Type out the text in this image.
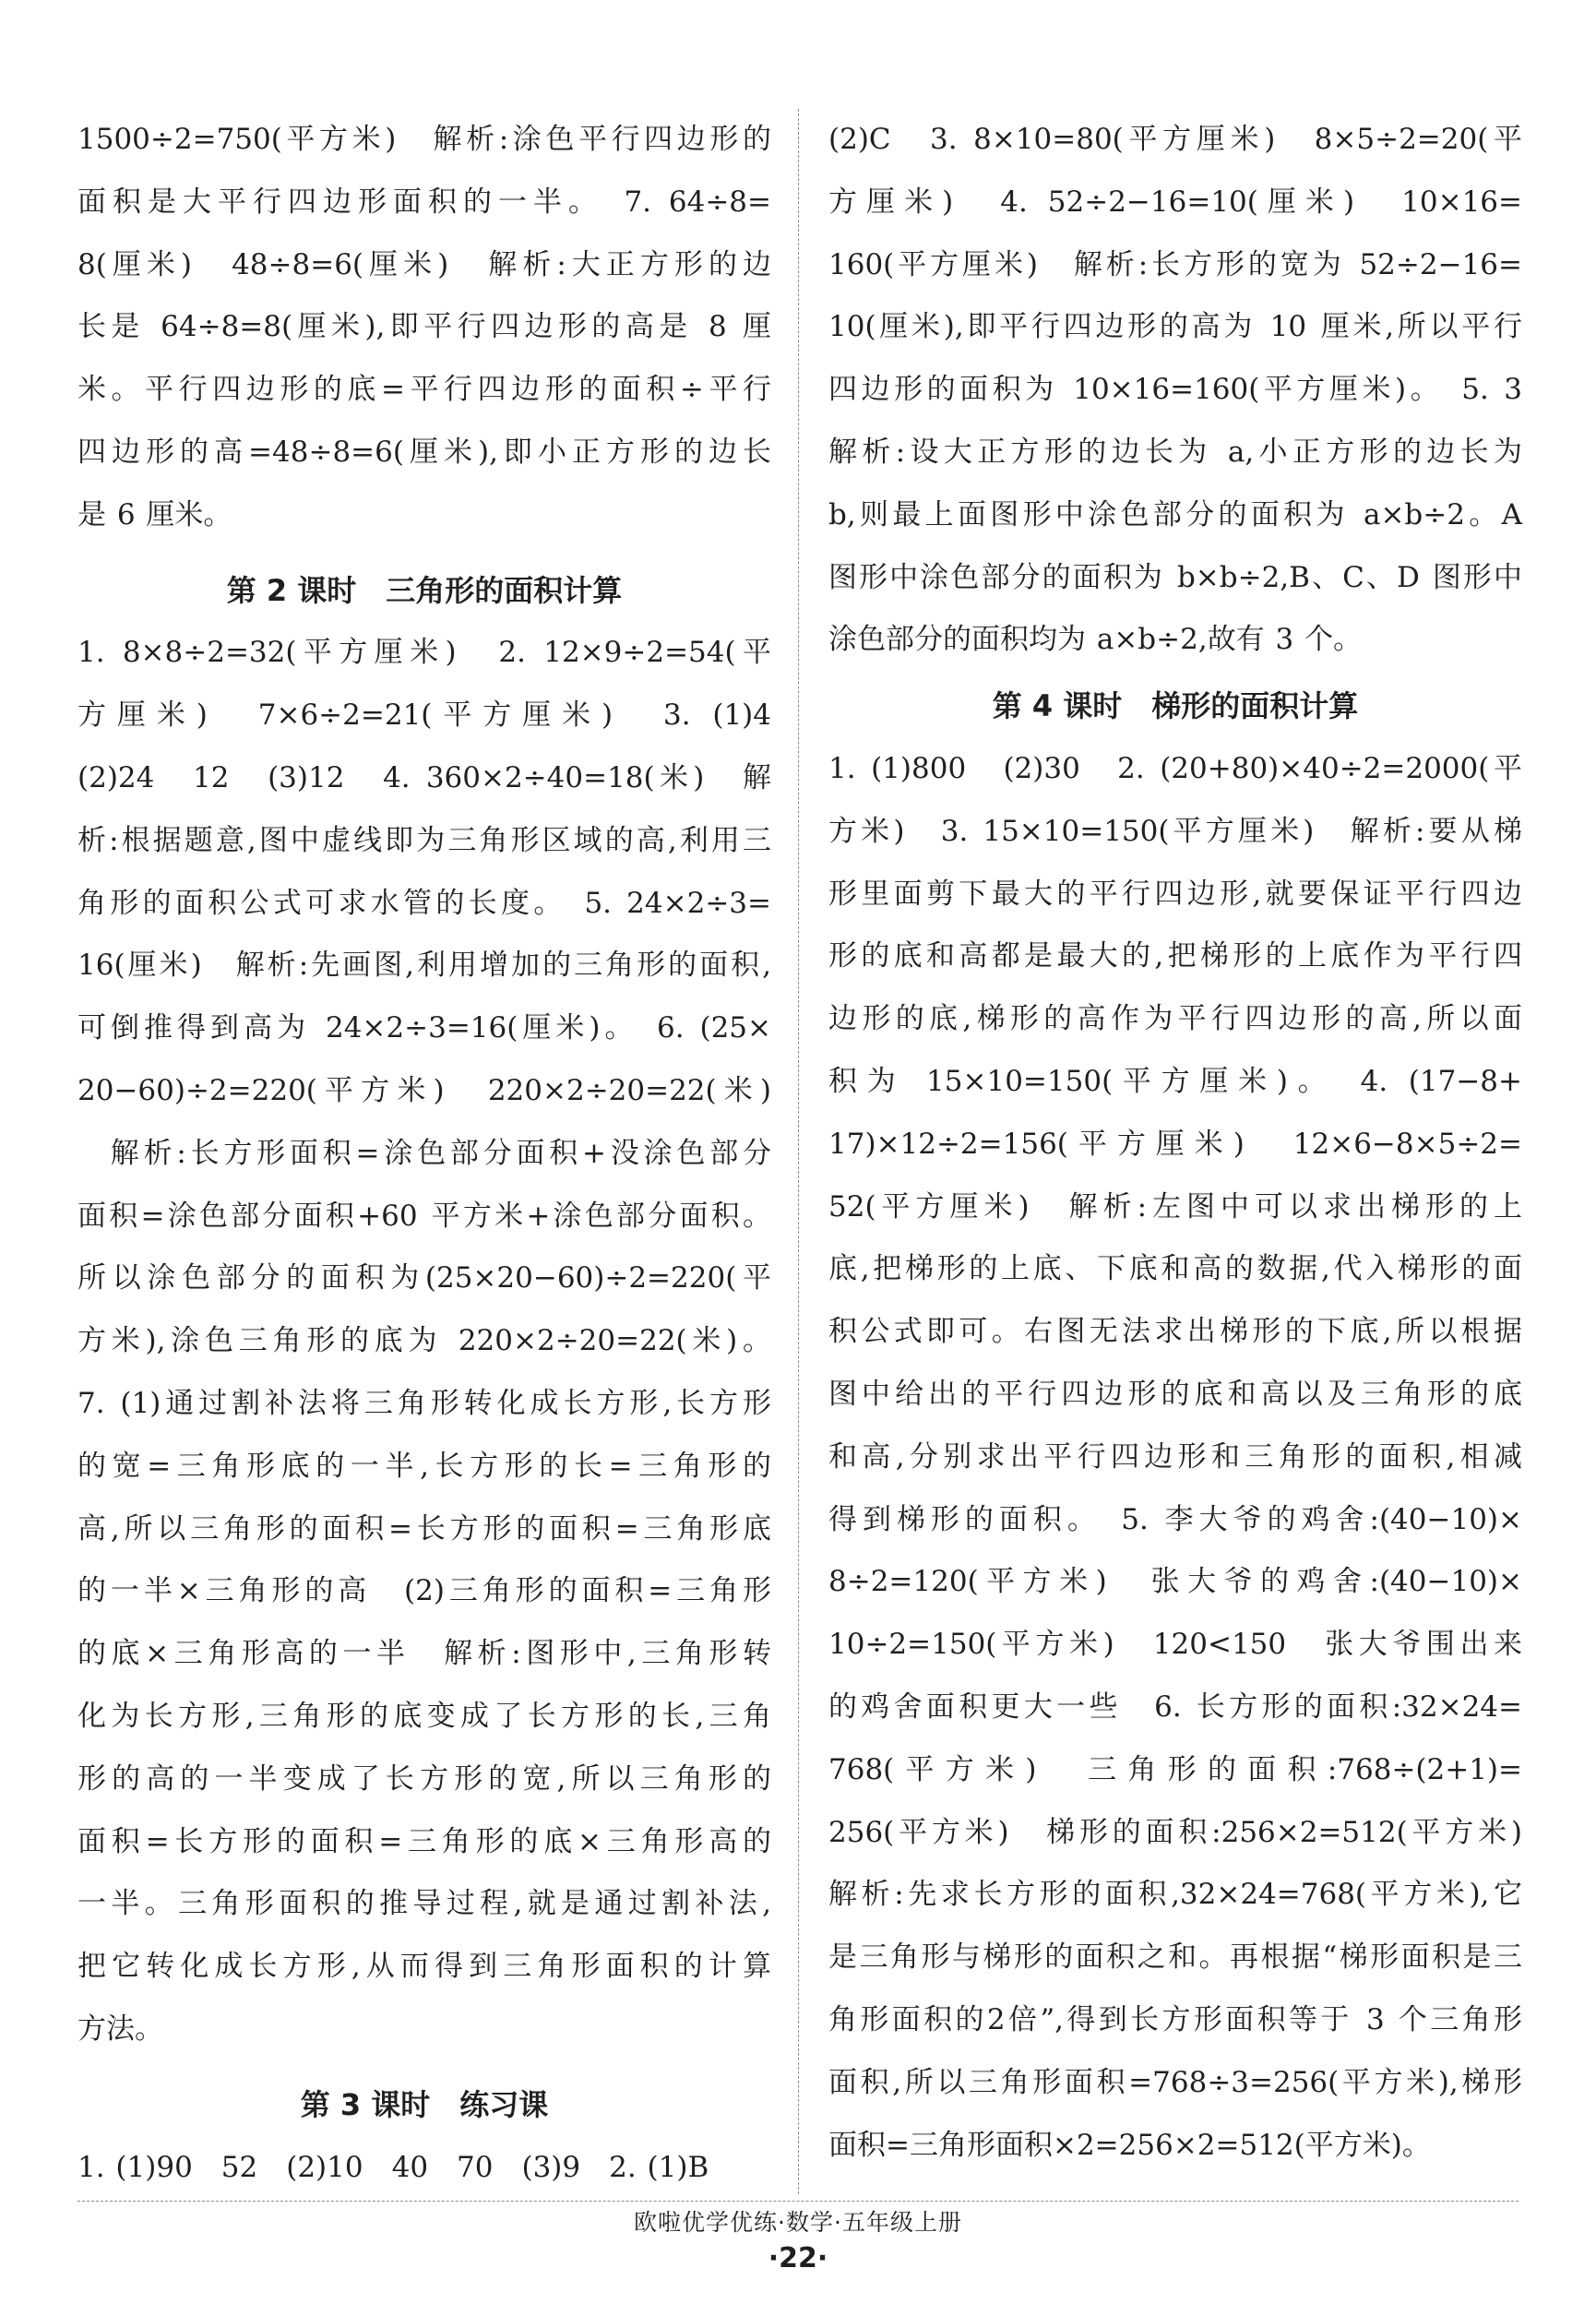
1500÷2=750(平方米)　解析:涂色平行四边形的

面积是大平行四边形面积的一半。　7. 64÷8=

8(厘米)　48÷8=6(厘米)　解析:大正方形的边

长是 64÷8=8(厘米),即平行四边形的高是 8 厘

米。平行四边形的底=平行四边形的面积÷平行

四边形的高=48÷8=6(厘米),即小正方形的边长

是 6 厘米。

第 2 课时　三角形的面积计算

1. 8×8÷2=32(平方厘米)　2. 12×9÷2=54(平

方厘米)　7×6÷2=21(平方厘米)　3. (1)4

(2)24　12　(3)12　4. 360×2÷40=18(米)　解

析:根据题意,图中虚线即为三角形区域的高,利用三

角形的面积公式可求水管的长度。　5. 24×2÷3=

16(厘米)　解析:先画图,利用增加的三角形的面积,

可倒推得到高为 24×2÷3=16(厘米)。　6. (25×

20−60)÷2=220(平方米)　220×2÷20=22(米)

　解析:长方形面积=涂色部分面积+没涂色部分

面积=涂色部分面积+60 平方米+涂色部分面积。

所以涂色部分的面积为(25×20−60)÷2=220(平

方米),涂色三角形的底为 220×2÷20=22(米)。

7. (1)通过割补法将三角形转化成长方形,长方形

的宽=三角形底的一半,长方形的长=三角形的

高,所以三角形的面积=长方形的面积=三角形底

的一半×三角形的高　(2)三角形的面积=三角形

的底×三角形高的一半　解析:图形中,三角形转

化为长方形,三角形的底变成了长方形的长,三角

形的高的一半变成了长方形的宽,所以三角形的

面积=长方形的面积=三角形的底×三角形高的

一半。三角形面积的推导过程,就是通过割补法,

把它转化成长方形,从而得到三角形面积的计算

方法。

第 3 课时　练习课

1. (1)90　52　(2)10　40　70　(3)9　2. (1)B

(2)C　3. 8×10=80(平方厘米)　8×5÷2=20(平

方厘米)　4. 52÷2−16=10(厘米)　10×16=

160(平方厘米)　解析:长方形的宽为 52÷2−16=

10(厘米),即平行四边形的高为 10 厘米,所以平行

四边形的面积为 10×16=160(平方厘米)。　5. 3

解析:设大正方形的边长为 a,小正方形的边长为

b,则最上面图形中涂色部分的面积为 a×b÷2。A

图形中涂色部分的面积为 b×b÷2,B、C、D 图形中

涂色部分的面积均为 a×b÷2,故有 3 个。

第 4 课时　梯形的面积计算

1. (1)800　(2)30　2. (20+80)×40÷2=2000(平

方米)　3. 15×10=150(平方厘米)　解析:要从梯

形里面剪下最大的平行四边形,就要保证平行四边

形的底和高都是最大的,把梯形的上底作为平行四

边形的底,梯形的高作为平行四边形的高,所以面

积为 15×10=150(平方厘米)。　4. (17−8+

17)×12÷2=156(平方厘米)　12×6−8×5÷2=

52(平方厘米)　解析:左图中可以求出梯形的上

底,把梯形的上底、下底和高的数据,代入梯形的面

积公式即可。右图无法求出梯形的下底,所以根据

图中给出的平行四边形的底和高以及三角形的底

和高,分别求出平行四边形和三角形的面积,相减

得到梯形的面积。　5. 李大爷的鸡舍:(40−10)×

8÷2=120(平方米)　张大爷的鸡舍:(40−10)×

10÷2=150(平方米)　120<150　张大爷围出来

的鸡舍面积更大一些　6. 长方形的面积:32×24=

768(平方米)　三角形的面积:768÷(2+1)=

256(平方米)　梯形的面积:256×2=512(平方米)

解析:先求长方形的面积,32×24=768(平方米),它

是三角形与梯形的面积之和。再根据“梯形面积是三

角形面积的2倍”,得到长方形面积等于 3 个三角形

面积,所以三角形面积=768÷3=256(平方米),梯形

面积=三角形面积×2=256×2=512(平方米)。

欧啦优学优练·数学·五年级上册
·22·
